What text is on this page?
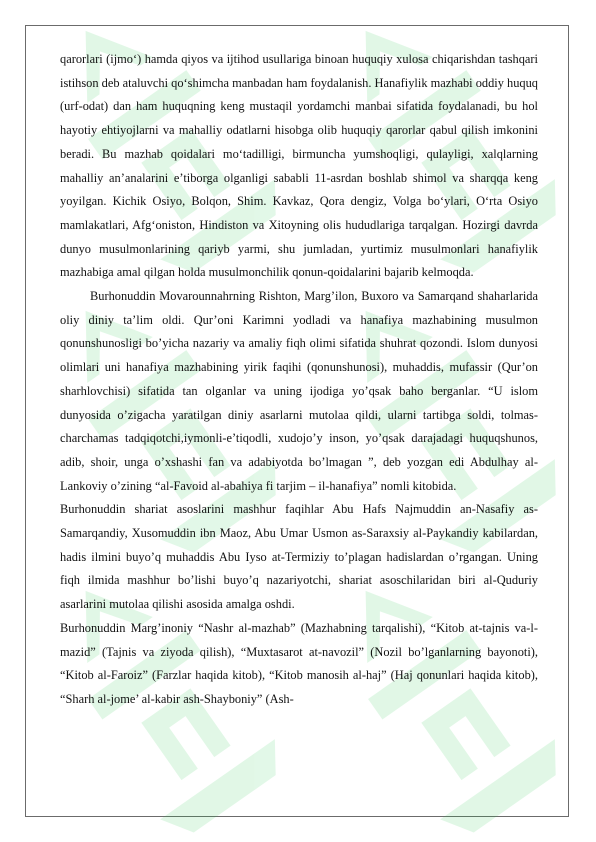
qarorlari (ijmo‘) hamda qiyos va ijtihod usullariga binoan huquqiy xulosa chiqarishdan tashqari istihson deb ataluvchi qo‘shimcha manbadan ham foydalanish. Hanafiylik mazhabi oddiy huquq (urf-odat) dan ham huquqning keng mustaqil yordamchi manbai sifatida foydalanadi, bu hol hayotiy ehtiyojlarni va mahalliy odatlarni hisobga olib huquqiy qarorlar qabul qilish imkonini beradi. Bu mazhab qoidalari mo‘tadilligi, birmuncha yumshoqligi, qulayligi, xalqlarning mahalliy an’analarini e’tiborga olganligi sababli 11-asrdan boshlab shimol va sharqqa keng yoyilgan. Kichik Osiyo, Bolqon, Shim. Kavkaz, Qora dengiz, Volga bo‘ylari, O‘rta Osiyo mamlakatlari, Afg‘oniston, Hindiston va Xitoyning olis hududlariga tarqalgan. Hozirgi davrda dunyo musulmonlarining qariyb yarmi, shu jumladan, yurtimiz musulmonlari hanafiylik mazhabiga amal qilgan holda musulmonchilik qonun-qoidalarini bajarib kelmoqda.

Burhonuddin Movarounnahrning Rishton, Marg’ilon, Buxoro va Samarqand shaharlarida oliy diniy ta’lim oldi. Qur’oni Karimni yodladi va hanafiya mazhabining musulmon qonunshunosligi bo’yicha nazariy va amaliy fiqh olimi sifatida shuhrat qozondi. Islom dunyosi olimlari uni hanafiya mazhabining yirik faqihi (qonunshunosi), muhaddis, mufassir (Qur’on sharhlovchisi) sifatida tan olganlar va uning ijodiga yo’qsak baho berganlar. “U islom dunyosida o’zigacha yaratilgan diniy asarlarni mutolaa qildi, ularni tartibga soldi, tolmas-charchamas tadqiqotchi,iymonli-e’tiqodli, xudojo’y inson, yo’qsak darajadagi huquqshunos, adib, shoir, unga o’xshashi fan va adabiyotda bo’lmagan ”, deb yozgan edi Abdulhay al-Lankoviy o’zining “al-Favoid al-abahiya fi tarjim – il-hanafiya” nomli kitobida.

Burhonuddin shariat asoslarini mashhur faqihlar Abu Hafs Najmuddin an-Nasafiy as-Samarqandiy, Xusomuddin ibn Maoz, Abu Umar Usmon as-Saraxsiy al-Paykandiy kabilardan, hadis ilmini buyo’q muhaddis Abu Iyso at-Termiziy to’plagan hadislardan o’rgangan. Uning fiqh ilmida mashhur bo’lishi buyo’q nazariyotchi, shariat asoschilaridan biri al-Quduriy asarlarini mutolaa qilishi asosida amalga oshdi.

Burhonuddin Marg’inoniy “Nashr al-mazhab” (Mazhabning tarqalishi), “Kitob at-tajnis va-l-mazid” (Tajnis va ziyoda qilish), “Muxtasarot at-navozil” (Nozil bo’lganlarning bayonoti), “Kitob al-Faroiz” (Farzlar haqida kitob), “Kitob manosih al-haj” (Haj qonunlari haqida kitob), “Sharh al-jome’ al-kabir ash-Shayboniy” (Ash-
